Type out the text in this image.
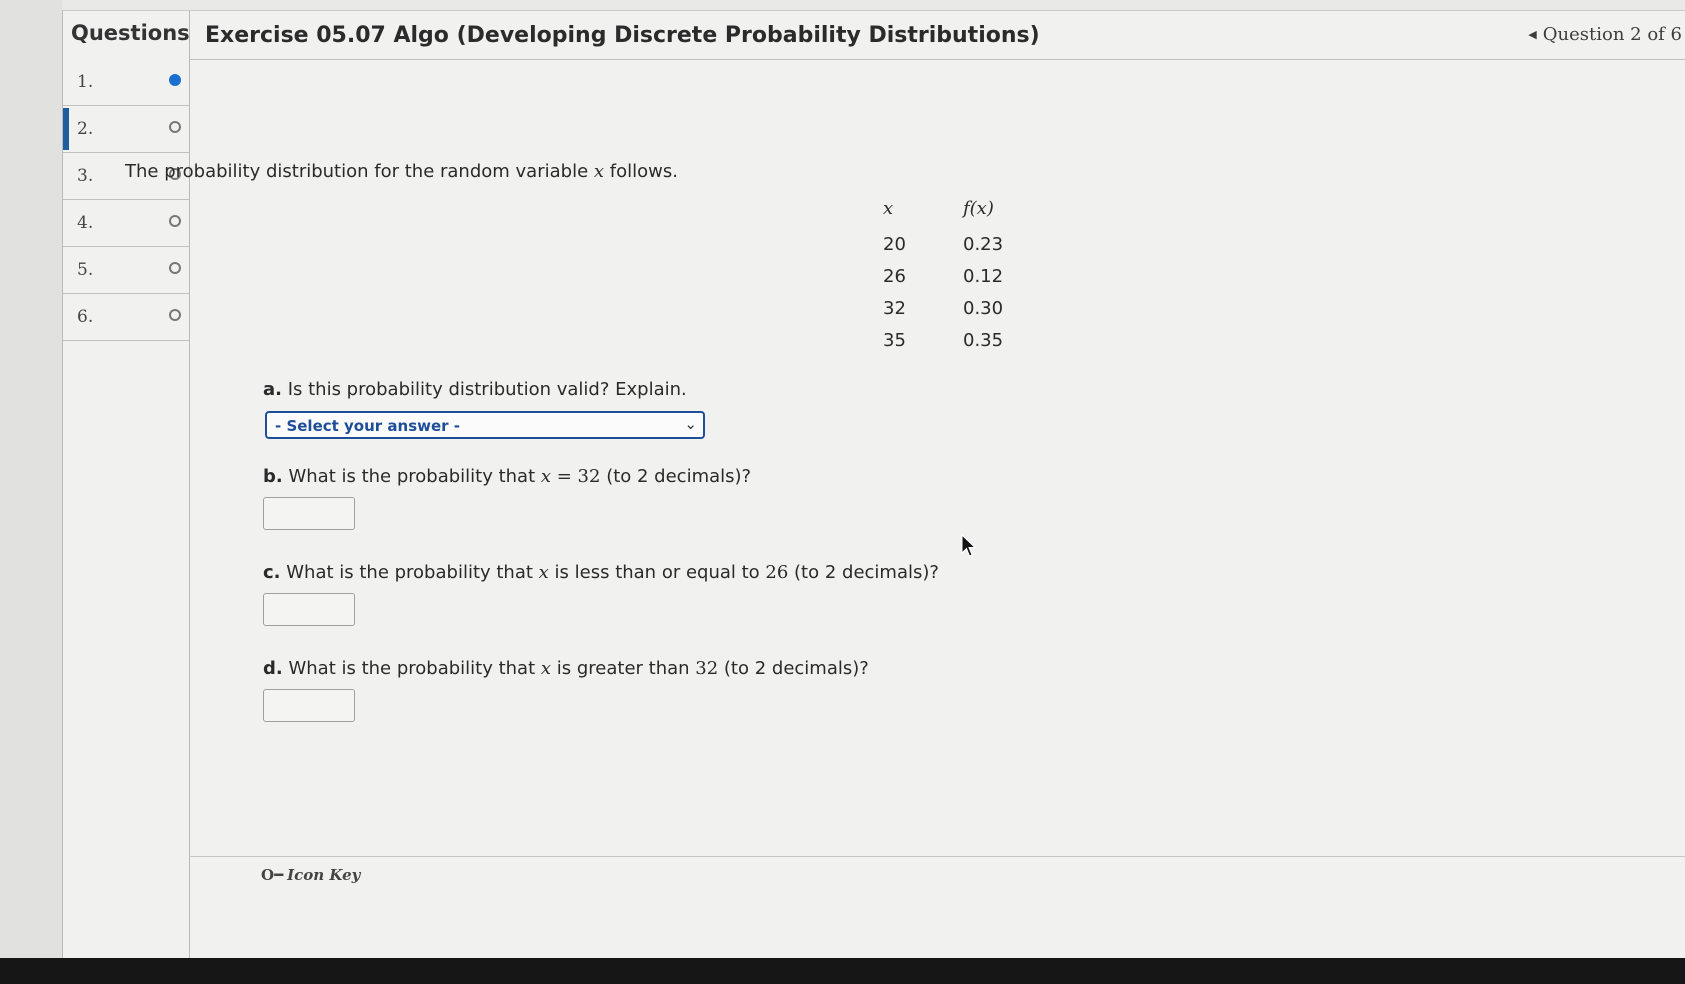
Questions
1.
2.
3.
4.
5.
6.
Exercise 05.07 Algo (Developing Discrete Probability Distributions)	◀ Question 2 of 6
The probability distribution for the random variable x follows.
x	f(x)
20	0.23
26	0.12
32	0.30
35	0.35
a. Is this probability distribution valid? Explain.
- Select your answer -	⌄
b. What is the probability that x = 32 (to 2 decimals)?
c. What is the probability that x is less than or equal to 26 (to 2 decimals)?
d. What is the probability that x is greater than 32 (to 2 decimals)?
O━ Icon Key
